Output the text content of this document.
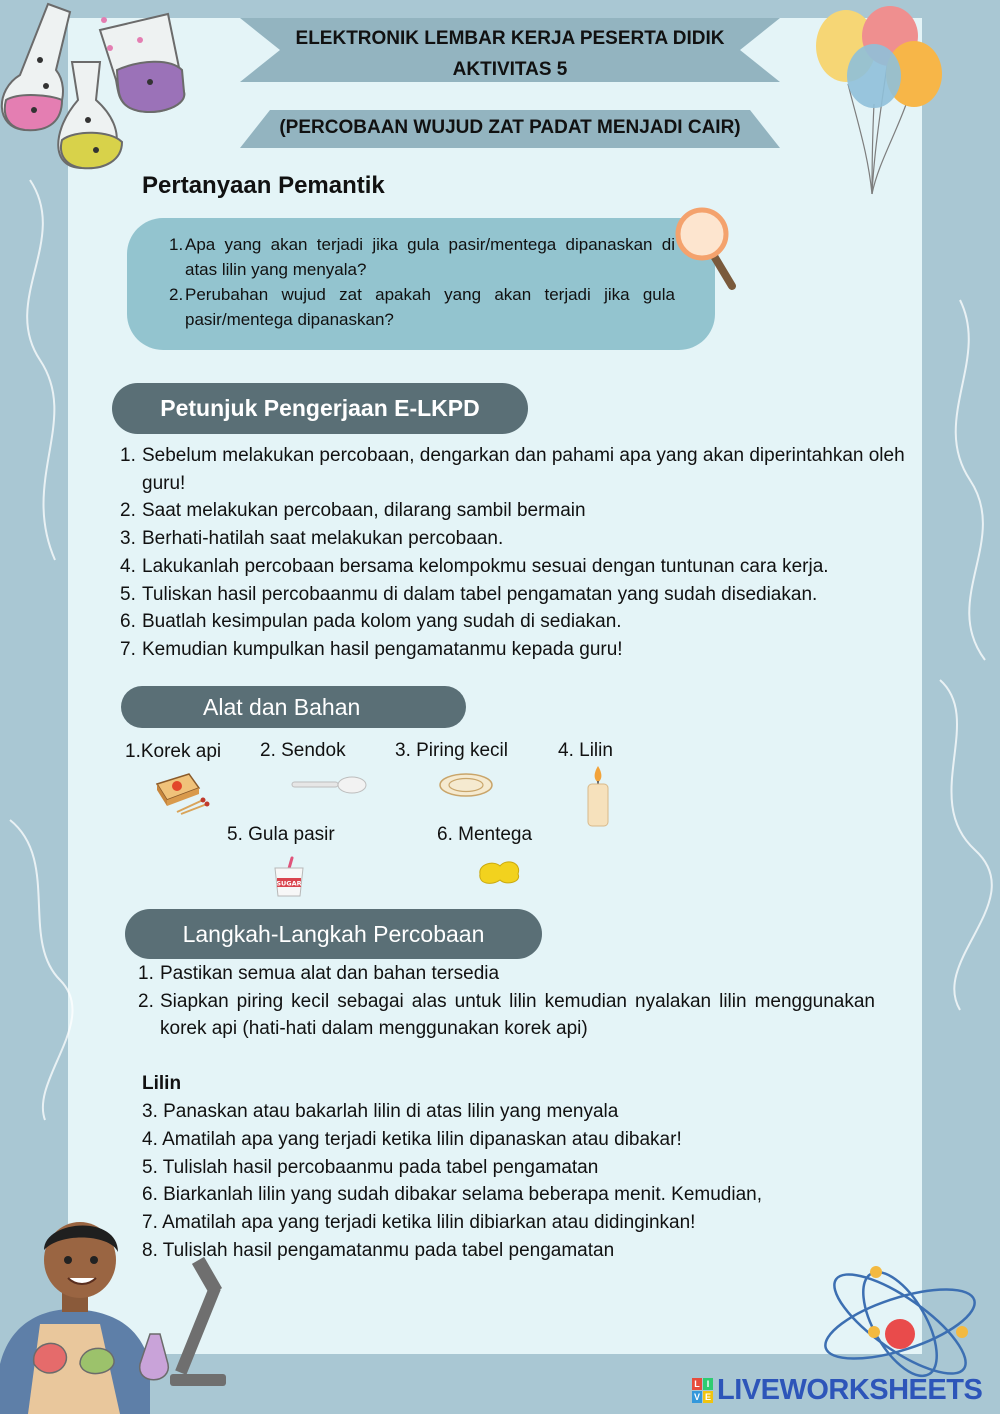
ELEKTRONIK LEMBAR KERJA PESERTA DIDIK
AKTIVITAS 5
(PERCOBAAN WUJUD ZAT PADAT MENJADI CAIR)
Pertanyaan Pemantik
1. Apa yang akan terjadi jika gula pasir/mentega dipanaskan di atas lilin yang menyala?
2. Perubahan wujud zat apakah yang akan terjadi jika gula pasir/mentega dipanaskan?
Petunjuk Pengerjaan E-LKPD
1. Sebelum melakukan percobaan, dengarkan dan pahami apa yang akan diperintahkan oleh guru!
2. Saat melakukan percobaan, dilarang sambil bermain
3. Berhati-hatilah saat melakukan percobaan.
4. Lakukanlah percobaan bersama kelompokmu sesuai dengan tuntunan cara kerja.
5. Tuliskan hasil percobaanmu di dalam tabel pengamatan yang sudah disediakan.
6. Buatlah kesimpulan pada kolom yang sudah di sediakan.
7. Kemudian kumpulkan hasil pengamatanmu kepada guru!
Alat dan Bahan
1.Korek api 2. Sendok	3. Piring kecil	4. Lilin
5. Gula pasir	6. Mentega
SUGAR
Langkah-Langkah Percobaan
1. Pastikan semua alat dan bahan tersedia
2. Siapkan piring kecil sebagai alas untuk lilin kemudian nyalakan lilin menggunakan korek api (hati-hati dalam menggunakan korek api)
Lilin
3. Panaskan atau bakarlah lilin di atas lilin yang menyala
4. Amatilah apa yang terjadi ketika lilin dipanaskan atau dibakar!
5. Tulislah hasil percobaanmu pada tabel pengamatan
6. Biarkanlah lilin yang sudah dibakar selama beberapa menit. Kemudian,
7. Amatilah apa yang terjadi ketika lilin dibiarkan atau didinginkan!
8. Tulislah hasil pengamatanmu pada tabel pengamatan
L I
V E LIVEWORKSHEETS
